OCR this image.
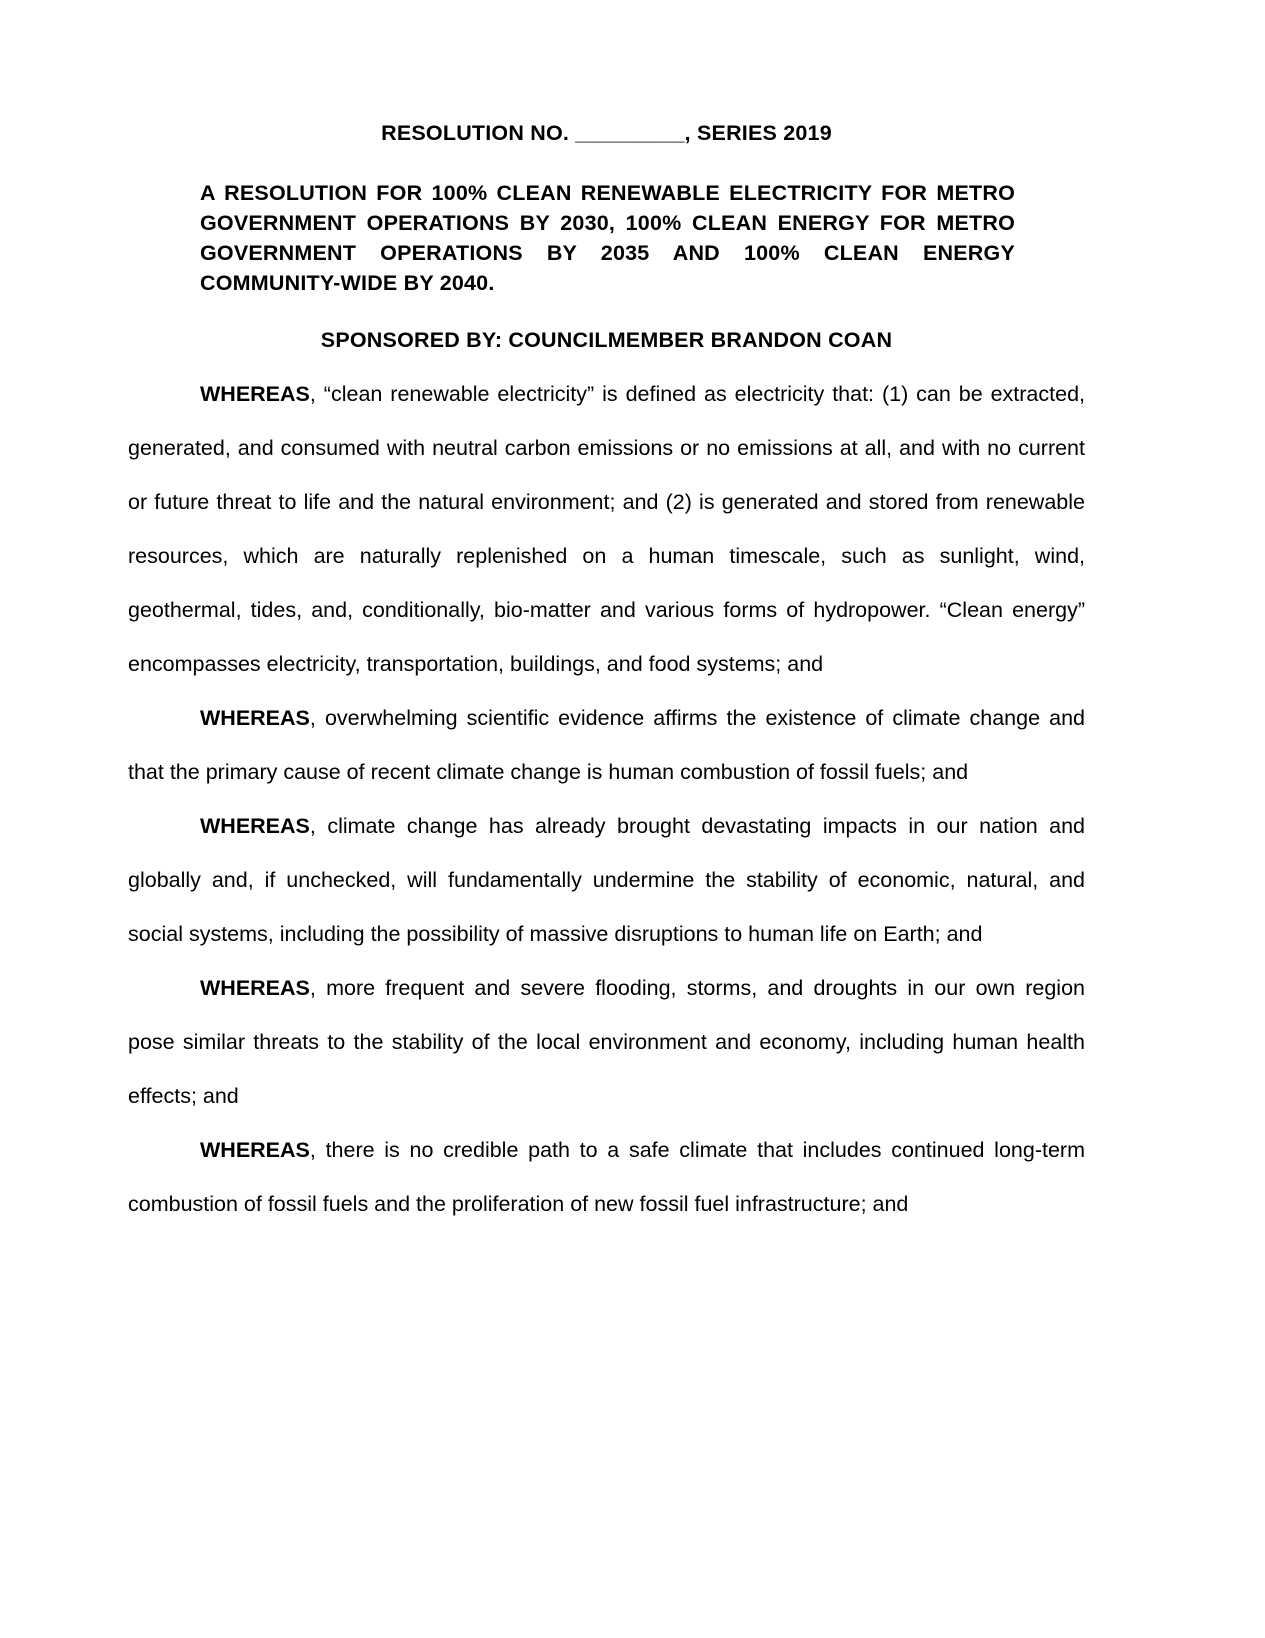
RESOLUTION NO. _________, SERIES 2019

A RESOLUTION FOR 100% CLEAN RENEWABLE ELECTRICITY FOR METRO GOVERNMENT OPERATIONS BY 2030, 100% CLEAN ENERGY FOR METRO GOVERNMENT OPERATIONS BY 2035 AND 100% CLEAN ENERGY COMMUNITY-WIDE BY 2040.

SPONSORED BY: COUNCILMEMBER BRANDON COAN

WHEREAS, “clean renewable electricity” is defined as electricity that: (1) can be extracted, generated, and consumed with neutral carbon emissions or no emissions at all, and with no current or future threat to life and the natural environment; and (2) is generated and stored from renewable resources, which are naturally replenished on a human timescale, such as sunlight, wind, geothermal, tides, and, conditionally, bio-matter and various forms of hydropower. “Clean energy” encompasses electricity, transportation, buildings, and food systems; and

WHEREAS, overwhelming scientific evidence affirms the existence of climate change and that the primary cause of recent climate change is human combustion of fossil fuels; and

WHEREAS, climate change has already brought devastating impacts in our nation and globally and, if unchecked, will fundamentally undermine the stability of economic, natural, and social systems, including the possibility of massive disruptions to human life on Earth; and

WHEREAS, more frequent and severe flooding, storms, and droughts in our own region pose similar threats to the stability of the local environment and economy, including human health effects; and

WHEREAS, there is no credible path to a safe climate that includes continued long-term combustion of fossil fuels and the proliferation of new fossil fuel infrastructure; and
